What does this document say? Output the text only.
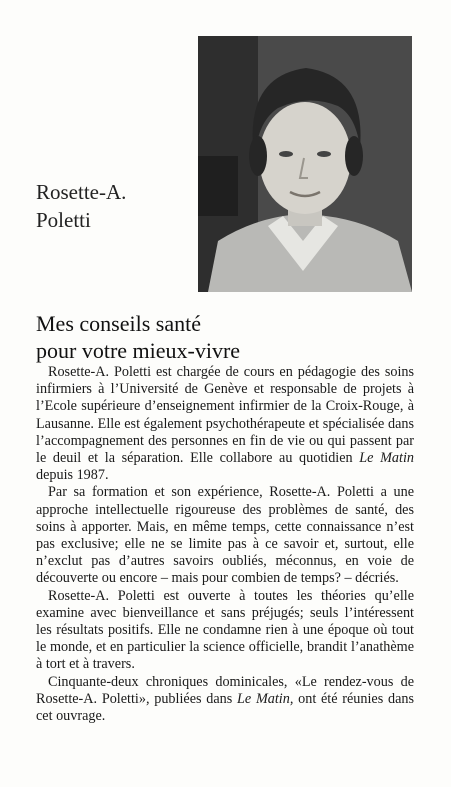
Rosette-A.
Poletti
Mes conseils santé
pour votre mieux-vivre

Rosette-A. Poletti est chargée de cours en pédagogie des soins infirmiers à l’Université de Genève et responsable de projets à l’Ecole supérieure d’enseignement infirmier de la Croix-Rouge, à Lausanne. Elle est également psychothérapeute et spécialisée dans l’accompagnement des personnes en fin de vie ou qui passent par le deuil et la séparation. Elle collabore au quotidien Le Matin depuis 1987.

Par sa formation et son expérience, Rosette-A. Poletti a une approche intellectuelle rigoureuse des problèmes de santé, des soins à apporter. Mais, en même temps, cette connaissance n’est pas exclusive; elle ne se limite pas à ce savoir et, surtout, elle n’exclut pas d’autres savoirs oubliés, méconnus, en voie de découverte ou encore – mais pour combien de temps? – décriés.

Rosette-A. Poletti est ouverte à toutes les théories qu’elle examine avec bienveillance et sans préjugés; seuls l’intéressent les résultats positifs. Elle ne condamne rien à une époque où tout le monde, et en particulier la science officielle, brandit l’anathème à tort et à travers.

Cinquante-deux chroniques dominicales, «Le rendez-vous de Rosette-A. Poletti», publiées dans Le Matin, ont été réunies dans cet ouvrage.
